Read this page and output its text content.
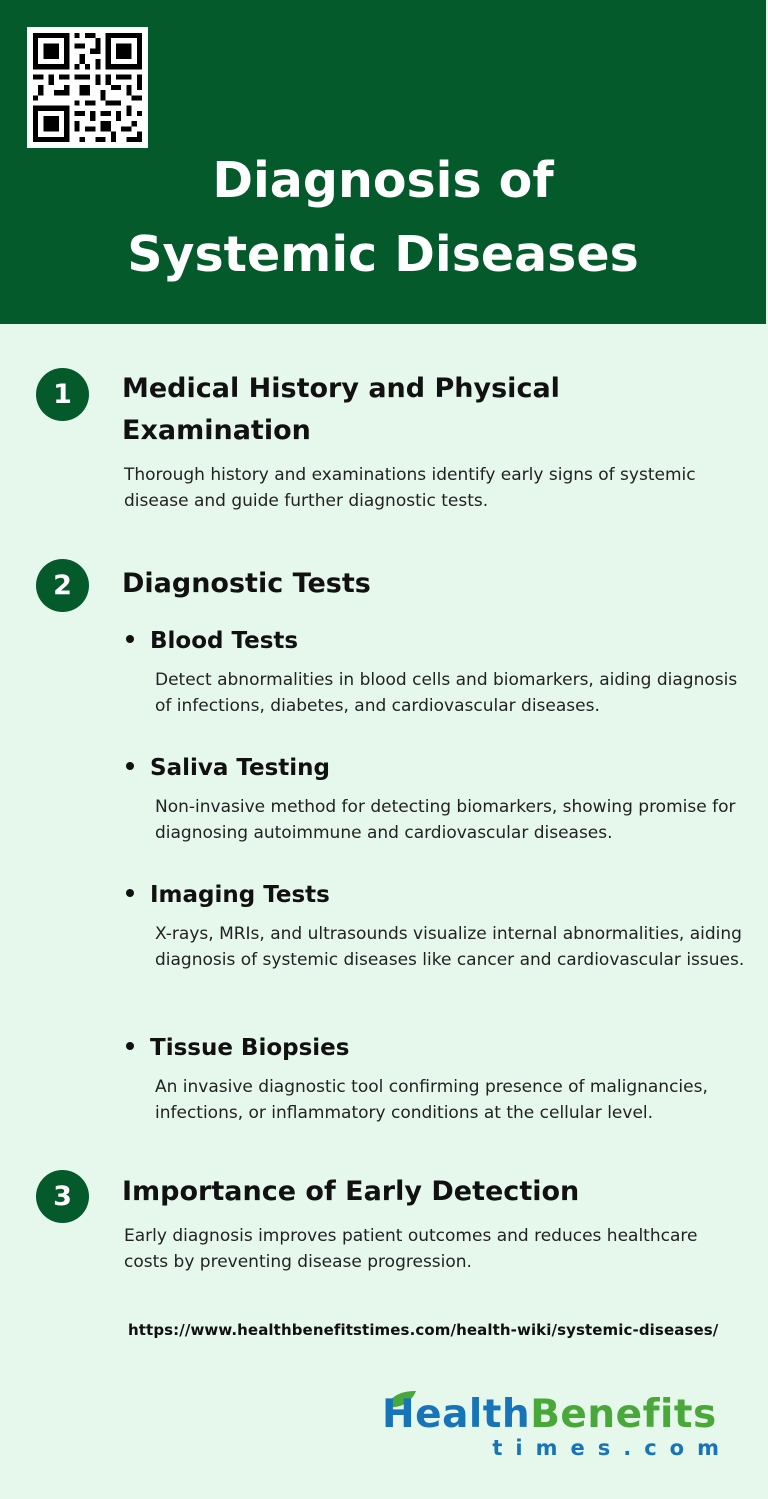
Diagnosis of
Systemic Diseases
1	Medical History and Physical Examination
Thorough history and examinations identify early signs of systemic disease and guide further diagnostic tests.
2	Diagnostic Tests
Blood Tests
Detect abnormalities in blood cells and biomarkers, aiding diagnosis of infections, diabetes, and cardiovascular diseases.
Saliva Testing
Non-invasive method for detecting biomarkers, showing promise for diagnosing autoimmune and cardiovascular diseases.
Imaging Tests
X-rays, MRIs, and ultrasounds visualize internal abnormalities, aiding diagnosis of systemic diseases like cancer and cardiovascular issues.
Tissue Biopsies
An invasive diagnostic tool confirming presence of malignancies, infections, or inflammatory conditions at the cellular level.
3	Importance of Early Detection
Early diagnosis improves patient outcomes and reduces healthcare costs by preventing disease progression.
https://www.healthbenefitstimes.com/health-wiki/systemic-diseases/
HealthBenefits
times.com
